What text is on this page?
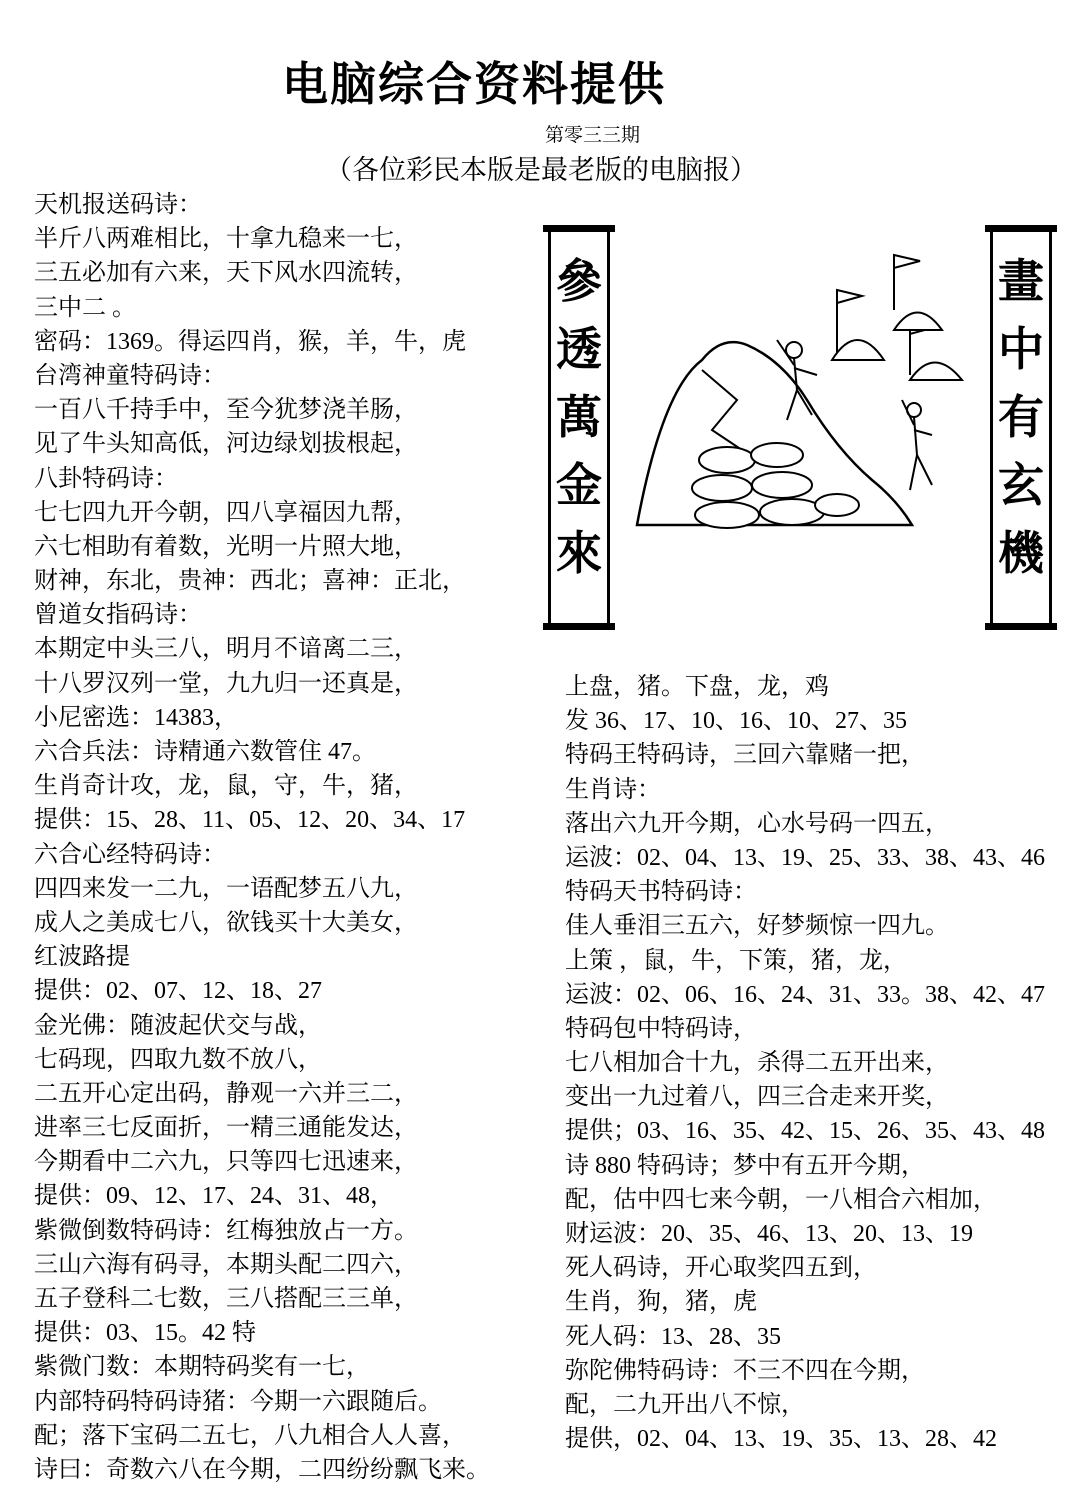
电脑综合资料提供
第零三三期
（各位彩民本版是最老版的电脑报）
天机报送码诗：
半斤八两难相比，十拿九稳来一七，
三五必加有六来，天下风水四流转，
三中二 。
密码：1369。得运四肖，猴，羊，牛，虎
台湾神童特码诗：
一百八千持手中，至今犹梦浇羊肠，
见了牛头知高低，河边绿划拔根起，
八卦特码诗：
七七四九开今朝，四八享福因九帮，
六七相助有着数，光明一片照大地，
财神，东北，贵神：西北；喜神：正北，
曾道女指码诗：
本期定中头三八，明月不谙离二三，
十八罗汉列一堂，九九归一还真是，
小尼密选：14383，
六合兵法：诗精通六数管住 47。
生肖奇计攻，龙，鼠，守，牛，猪，
提供：15、28、11、05、12、20、34、17
六合心经特码诗：
四四来发一二九，一语配梦五八九，
成人之美成七八，欲钱买十大美女，
红波路提
提供：02、07、12、18、27
金光佛：随波起伏交与战，
七码现，四取九数不放八，
二五开心定出码，静观一六并三二，
进率三七反面折，一精三通能发达，
今期看中二六九，只等四七迅速来，
提供：09、12、17、24、31、48，
紫微倒数特码诗：红梅独放占一方。
三山六海有码寻，本期头配二四六，
五子登科二七数，三八搭配三三单，
提供：03、15。42 特
紫微门数：本期特码奖有一七，
内部特码特码诗猪：今期一六跟随后。
配；落下宝码二五七，八九相合人人喜，
诗曰：奇数六八在今期，二四纷纷飘飞来。
上盘，猪。下盘，龙，鸡
发 36、17、10、16、10、27、35
特码王特码诗，三回六靠赌一把，
生肖诗：
落出六九开今期，心水号码一四五，
运波：02、04、13、19、25、33、38、43、46
特码天书特码诗：
佳人垂泪三五六，好梦频惊一四九。
上策 ，鼠，牛，下策，猪，龙，
运波：02、06、16、24、31、33。38、42、47
特码包中特码诗，
七八相加合十九，杀得二五开出来，
变出一九过着八，四三合走来开奖，
提供；03、16、35、42、15、26、35、43、48
诗 880 特码诗；梦中有五开今期，
配，估中四七来今朝，一八相合六相加，
财运波：20、35、46、13、20、13、19
死人码诗，开心取奖四五到，
生肖，狗，猪，虎
死人码：13、28、35
弥陀佛特码诗：不三不四在今期，
配，二九开出八不惊，
提供，02、04、13、19、35、13、28、42
參
透
萬
金
來
畫
中
有
玄
機
